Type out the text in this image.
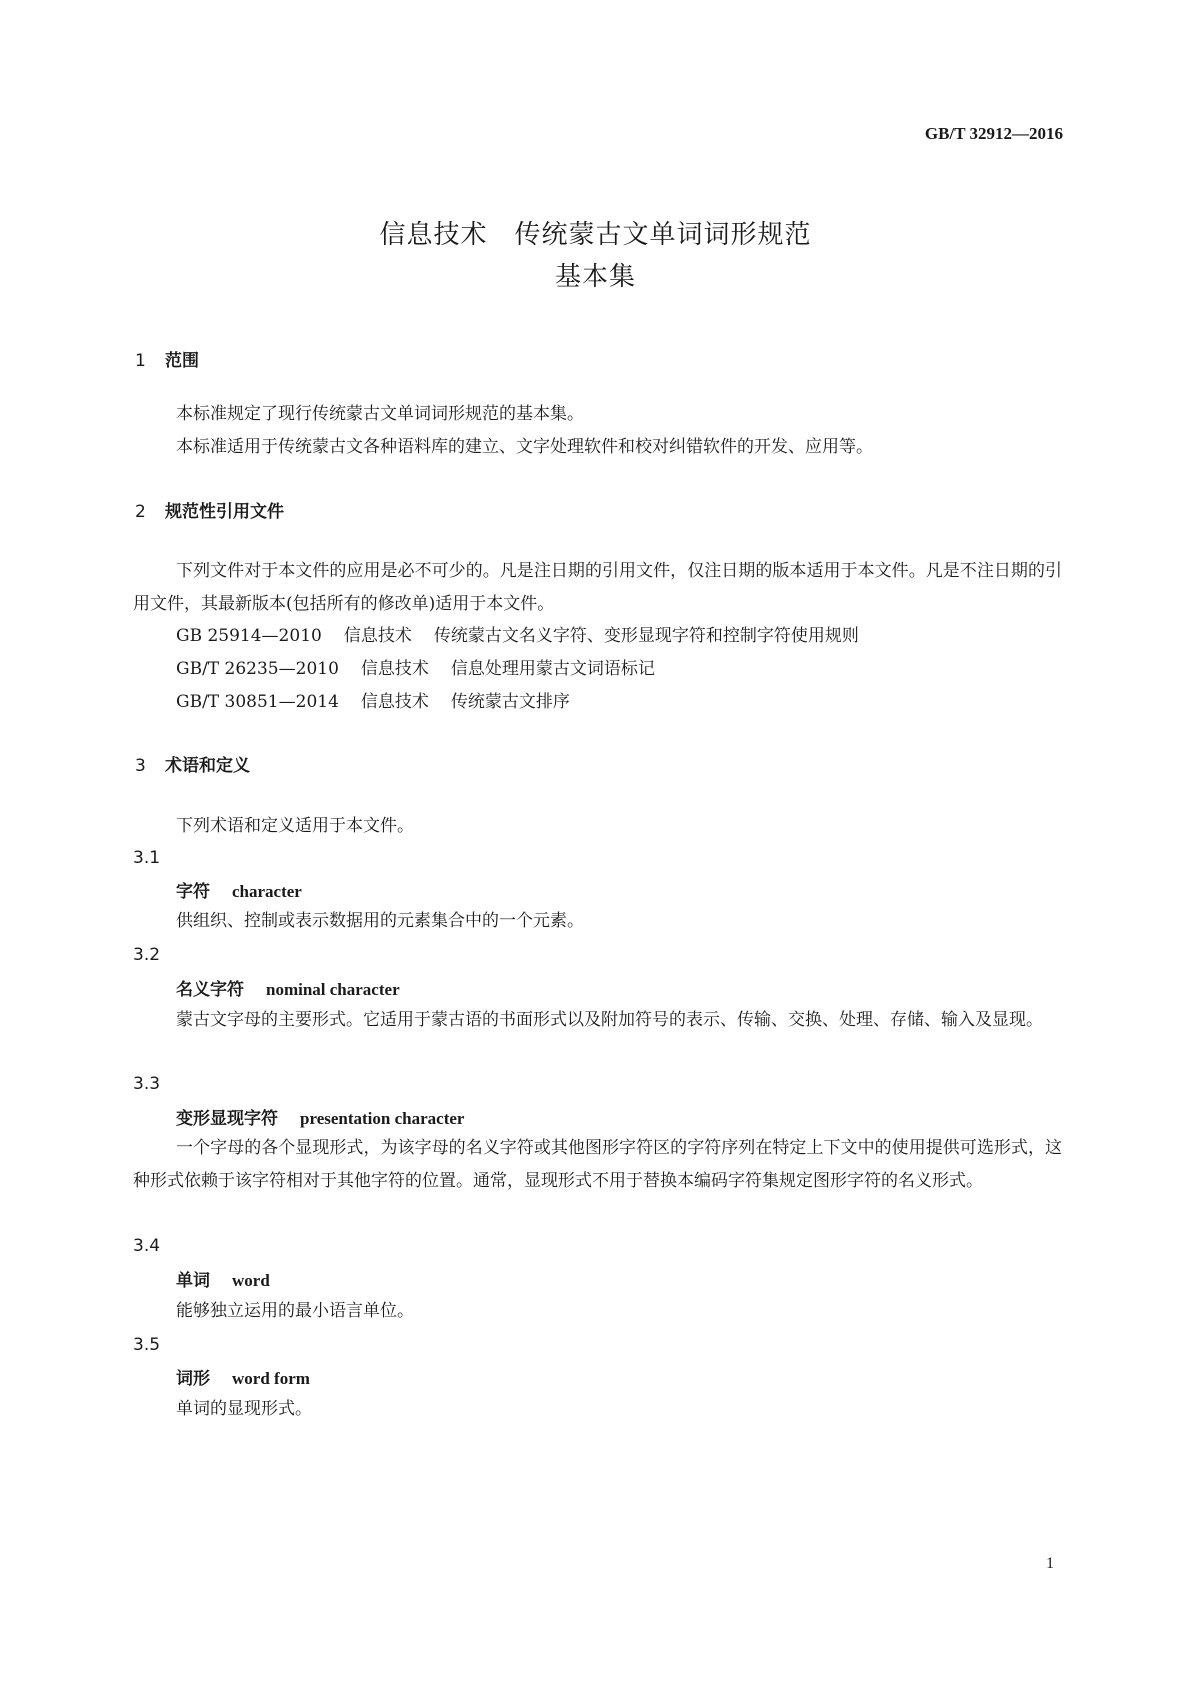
GB/T 32912—2016
信息技术　传统蒙古文单词词形规范
基本集
1 范围
本标准规定了现行传统蒙古文单词词形规范的基本集。
本标准适用于传统蒙古文各种语料库的建立、文字处理软件和校对纠错软件的开发、应用等。
2 规范性引用文件
下列文件对于本文件的应用是必不可少的。凡是注日期的引用文件，仅注日期的版本适用于本文件。凡是不注日期的引用文件，其最新版本(包括所有的修改单)适用于本文件。
GB 25914—2010 信息技术 传统蒙古文名义字符、变形显现字符和控制字符使用规则
GB/T 26235—2010 信息技术 信息处理用蒙古文词语标记
GB/T 30851—2014 信息技术 传统蒙古文排序
3 术语和定义
下列术语和定义适用于本文件。
3.1
字符 character
供组织、控制或表示数据用的元素集合中的一个元素。
3.2
名义字符 nominal character
蒙古文字母的主要形式。它适用于蒙古语的书面形式以及附加符号的表示、传输、交换、处理、存储、输入及显现。
3.3
变形显现字符 presentation character
一个字母的各个显现形式，为该字母的名义字符或其他图形字符区的字符序列在特定上下文中的使用提供可选形式，这种形式依赖于该字符相对于其他字符的位置。通常，显现形式不用于替换本编码字符集规定图形字符的名义形式。
3.4
单词 word
能够独立运用的最小语言单位。
3.5
词形 word form
单词的显现形式。
1
